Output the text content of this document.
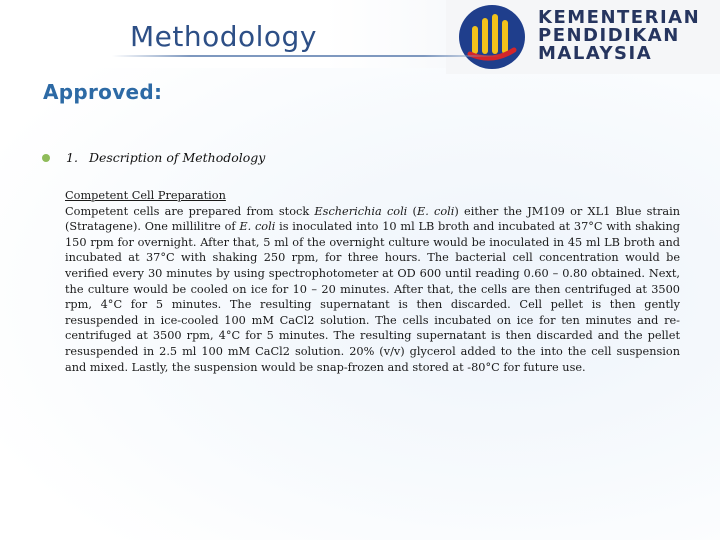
Methodology
KEMENTERIAN
PENDIDIKAN
MALAYSIA
Approved:
1. Description of Methodology
Competent Cell Preparation
Competent cells are prepared from stock Escherichia coli (E. coli) either the JM109 or XL1 Blue strain (Stratagene). One millilitre of E. coli is inoculated into 10 ml LB broth and incubated at 37°C with shaking 150 rpm for overnight. After that, 5 ml of the overnight culture would be inoculated in 45 ml LB broth and incubated at 37°C with shaking 250 rpm, for three hours. The bacterial cell concentration would be verified every 30 minutes by using spectrophotometer at OD 600 until reading 0.60 – 0.80 obtained. Next, the culture would be cooled on ice for 10 – 20 minutes. After that, the cells are then centrifuged at 3500 rpm, 4°C for 5 minutes. The resulting supernatant is then discarded. Cell pellet is then gently resuspended in ice-cooled 100 mM CaCl2 solution. The cells incubated on ice for ten minutes and re-centrifuged at 3500 rpm, 4°C for 5 minutes. The resulting supernatant is then discarded and the pellet resuspended in 2.5 ml 100 mM CaCl2 solution. 20% (v/v) glycerol added to the into the cell suspension and mixed. Lastly, the suspension would be snap-frozen and stored at -80°C for future use.
